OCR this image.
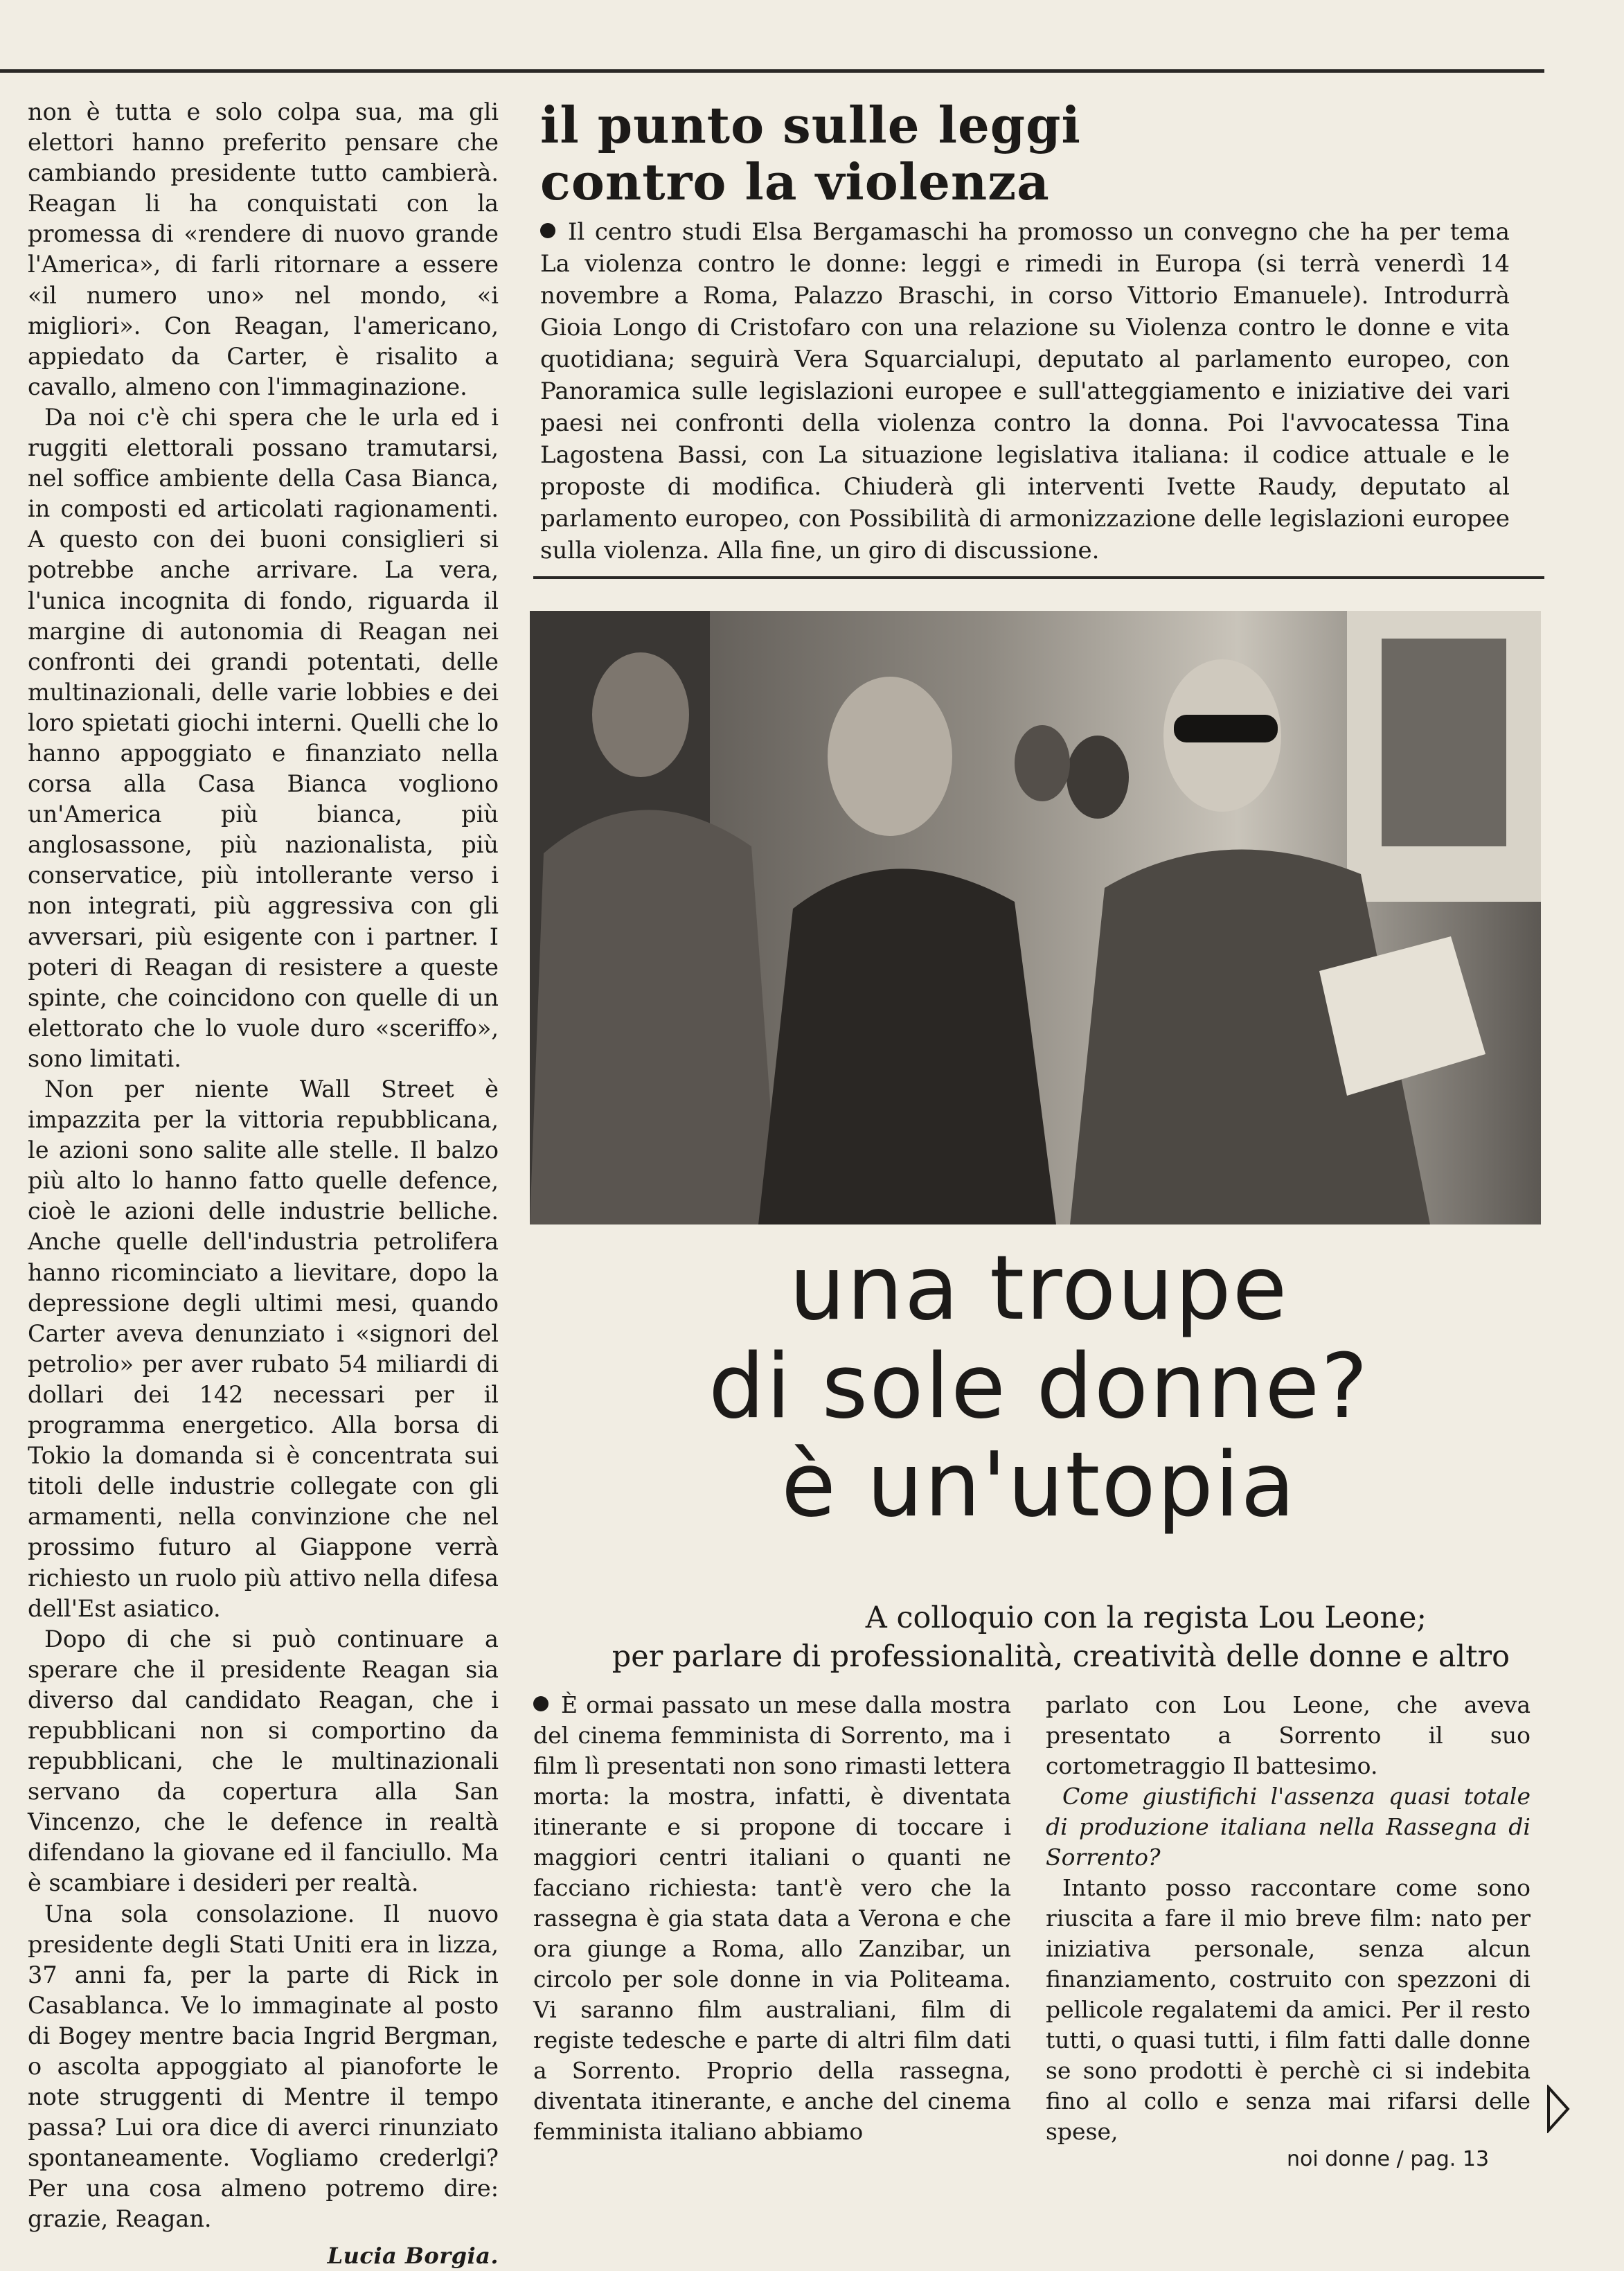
non è tutta e solo colpa sua, ma gli elettori hanno preferito pensare che cambiando presidente tutto cambierà. Reagan li ha conquistati con la promessa di «rendere di nuovo grande l'America», di farli ritornare a essere «il numero uno» nel mondo, «i migliori». Con Reagan, l'americano, appiedato da Carter, è risalito a cavallo, almeno con l'immaginazione.

Da noi c'è chi spera che le urla ed i ruggiti elettorali possano tramutarsi, nel soffice ambiente della Casa Bianca, in composti ed articolati ragionamenti. A questo con dei buoni consiglieri si potrebbe anche arrivare. La vera, l'unica incognita di fondo, riguarda il margine di autonomia di Reagan nei confronti dei grandi potentati, delle multinazionali, delle varie lobbies e dei loro spietati giochi interni. Quelli che lo hanno appoggiato e finanziato nella corsa alla Casa Bianca vogliono un'America più bianca, più anglosassone, più nazionalista, più conservatice, più intollerante verso i non integrati, più aggressiva con gli avversari, più esigente con i partner. I poteri di Reagan di resistere a queste spinte, che coincidono con quelle di un elettorato che lo vuole duro «sceriffo», sono limitati.

Non per niente Wall Street è impazzita per la vittoria repubblicana, le azioni sono salite alle stelle. Il balzo più alto lo hanno fatto quelle defence, cioè le azioni delle industrie belliche. Anche quelle dell'industria petrolifera hanno ricominciato a lievitare, dopo la depressione degli ultimi mesi, quando Carter aveva denunziato i «signori del petrolio» per aver rubato 54 miliardi di dollari dei 142 necessari per il programma energetico. Alla borsa di Tokio la domanda si è concentrata sui titoli delle industrie collegate con gli armamenti, nella convinzione che nel prossimo futuro al Giappone verrà richiesto un ruolo più attivo nella difesa dell'Est asiatico.

Dopo di che si può continuare a sperare che il presidente Reagan sia diverso dal candidato Reagan, che i repubblicani non si comportino da repubblicani, che le multinazionali servano da copertura alla San Vincenzo, che le defence in realtà difendano la giovane ed il fanciullo. Ma è scambiare i desideri per realtà.

Una sola consolazione. Il nuovo presidente degli Stati Uniti era in lizza, 37 anni fa, per la parte di Rick in Casablanca. Ve lo immaginate al posto di Bogey mentre bacia Ingrid Bergman, o ascolta appoggiato al pianoforte le note struggenti di Mentre il tempo passa? Lui ora dice di averci rinunziato spontaneamente. Vogliamo crederlgi? Per una cosa almeno potremo dire: grazie, Reagan.

Lucia Borgia.
il punto sulle leggi
contro la violenza
Il centro studi Elsa Bergamaschi ha promosso un convegno che ha per tema La violenza contro le donne: leggi e rimedi in Europa (si terrà venerdì 14 novembre a Roma, Palazzo Braschi, in corso Vittorio Emanuele). Introdurrà Gioia Longo di Cristofaro con una relazione su Violenza contro le donne e vita quotidiana; seguirà Vera Squarcialupi, deputato al parlamento europeo, con Panoramica sulle legislazioni europee e sull'atteggiamento e iniziative dei vari paesi nei confronti della violenza contro la donna. Poi l'avvocatessa Tina Lagostena Bassi, con La situazione legislativa italiana: il codice attuale e le proposte di modifica. Chiuderà gli interventi Ivette Raudy, deputato al parlamento europeo, con Possibilità di armonizzazione delle legislazioni europee sulla violenza. Alla fine, un giro di discussione.
una troupe
di sole donne?
è un'utopia
A colloquio con la regista Lou Leone;
per parlare di professionalità, creatività delle donne e altro

È ormai passato un mese dalla mostra del cinema femminista di Sorrento, ma i film lì presentati non sono rimasti lettera morta: la mostra, infatti, è diventata itinerante e si propone di toccare i maggiori centri italiani o quanti ne facciano richiesta: tant'è vero che la rassegna è gia stata data a Verona e che ora giunge a Roma, allo Zanzibar, un circolo per sole donne in via Politeama. Vi saranno film australiani, film di registe tedesche e parte di altri film dati a Sorrento. Proprio della rassegna, diventata itinerante, e anche del cinema femminista italiano abbiamo

parlato con Lou Leone, che aveva presentato a Sorrento il suo cortometraggio Il battesimo.

Come giustifichi l'assenza quasi totale di produzione italiana nella Rassegna di Sorrento?

Intanto posso raccontare come sono riuscita a fare il mio breve film: nato per iniziativa personale, senza alcun finanziamento, costruito con spezzoni di pellicole regalatemi da amici. Per il resto tutti, o quasi tutti, i film fatti dalle donne se sono prodotti è perchè ci si indebita fino al collo e senza mai rifarsi delle spese,

noi donne / pag. 13
